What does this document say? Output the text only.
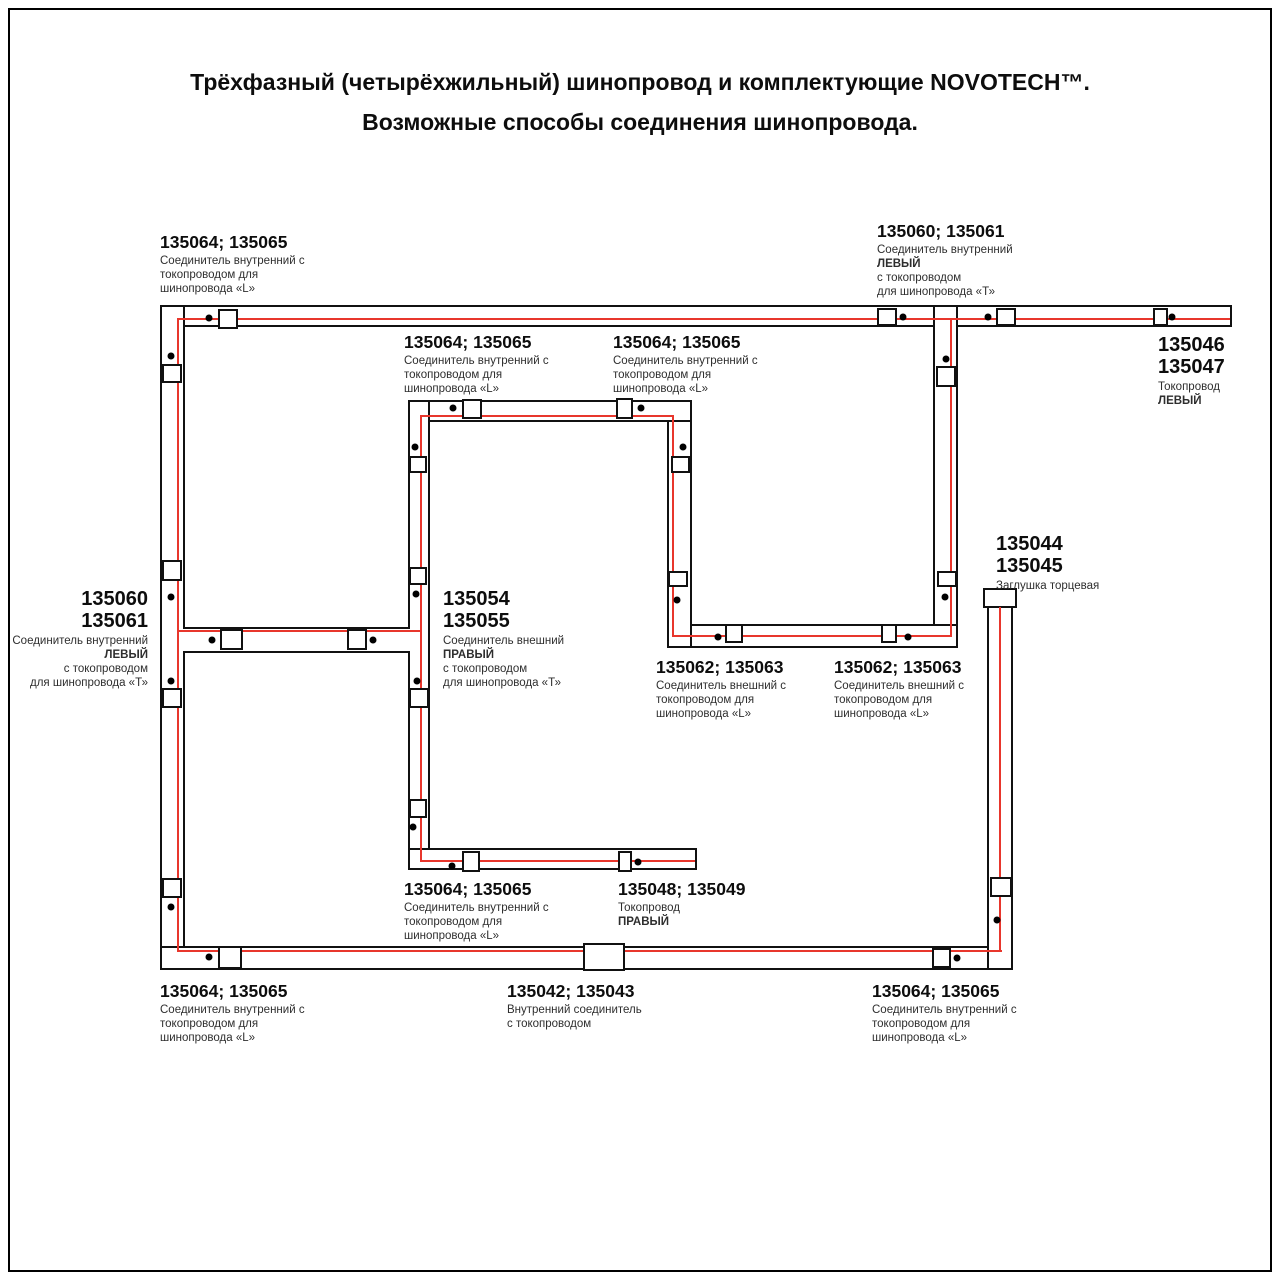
Трёхфазный (четырёхжильный) шинопровод и комплектующие NOVOTECH™.
Возможные способы соединения шинопровода.
135064; 135065
Соединитель внутренний с
токопроводом для
шинопровода «L»
135060; 135061
Соединитель внутренний
ЛЕВЫЙ
с токопроводом
для шинопровода «Т»
135046
135047
Токопровод
ЛЕВЫЙ
135064; 135065
Соединитель внутренний с
токопроводом для
шинопровода «L»
135064; 135065
Соединитель внутренний с
токопроводом для
шинопровода «L»
135060
135061
Соединитель внутренний
ЛЕВЫЙ
с токопроводом
для шинопровода «Т»
135054
135055
Соединитель внешний
ПРАВЫЙ
с токопроводом
для шинопровода «Т»
135062; 135063
Соединитель внешний с
токопроводом для
шинопровода «L»
135062; 135063
Соединитель внешний с
токопроводом для
шинопровода «L»
135044
135045
Заглушка торцевая
135064; 135065
Соединитель внутренний с
токопроводом для
шинопровода «L»
135048; 135049
Токопровод
ПРАВЫЙ
135064; 135065
Соединитель внутренний с
токопроводом для
шинопровода «L»
135042; 135043
Внутренний соединитель
с токопроводом
135064; 135065
Соединитель внутренний с
токопроводом для
шинопровода «L»
